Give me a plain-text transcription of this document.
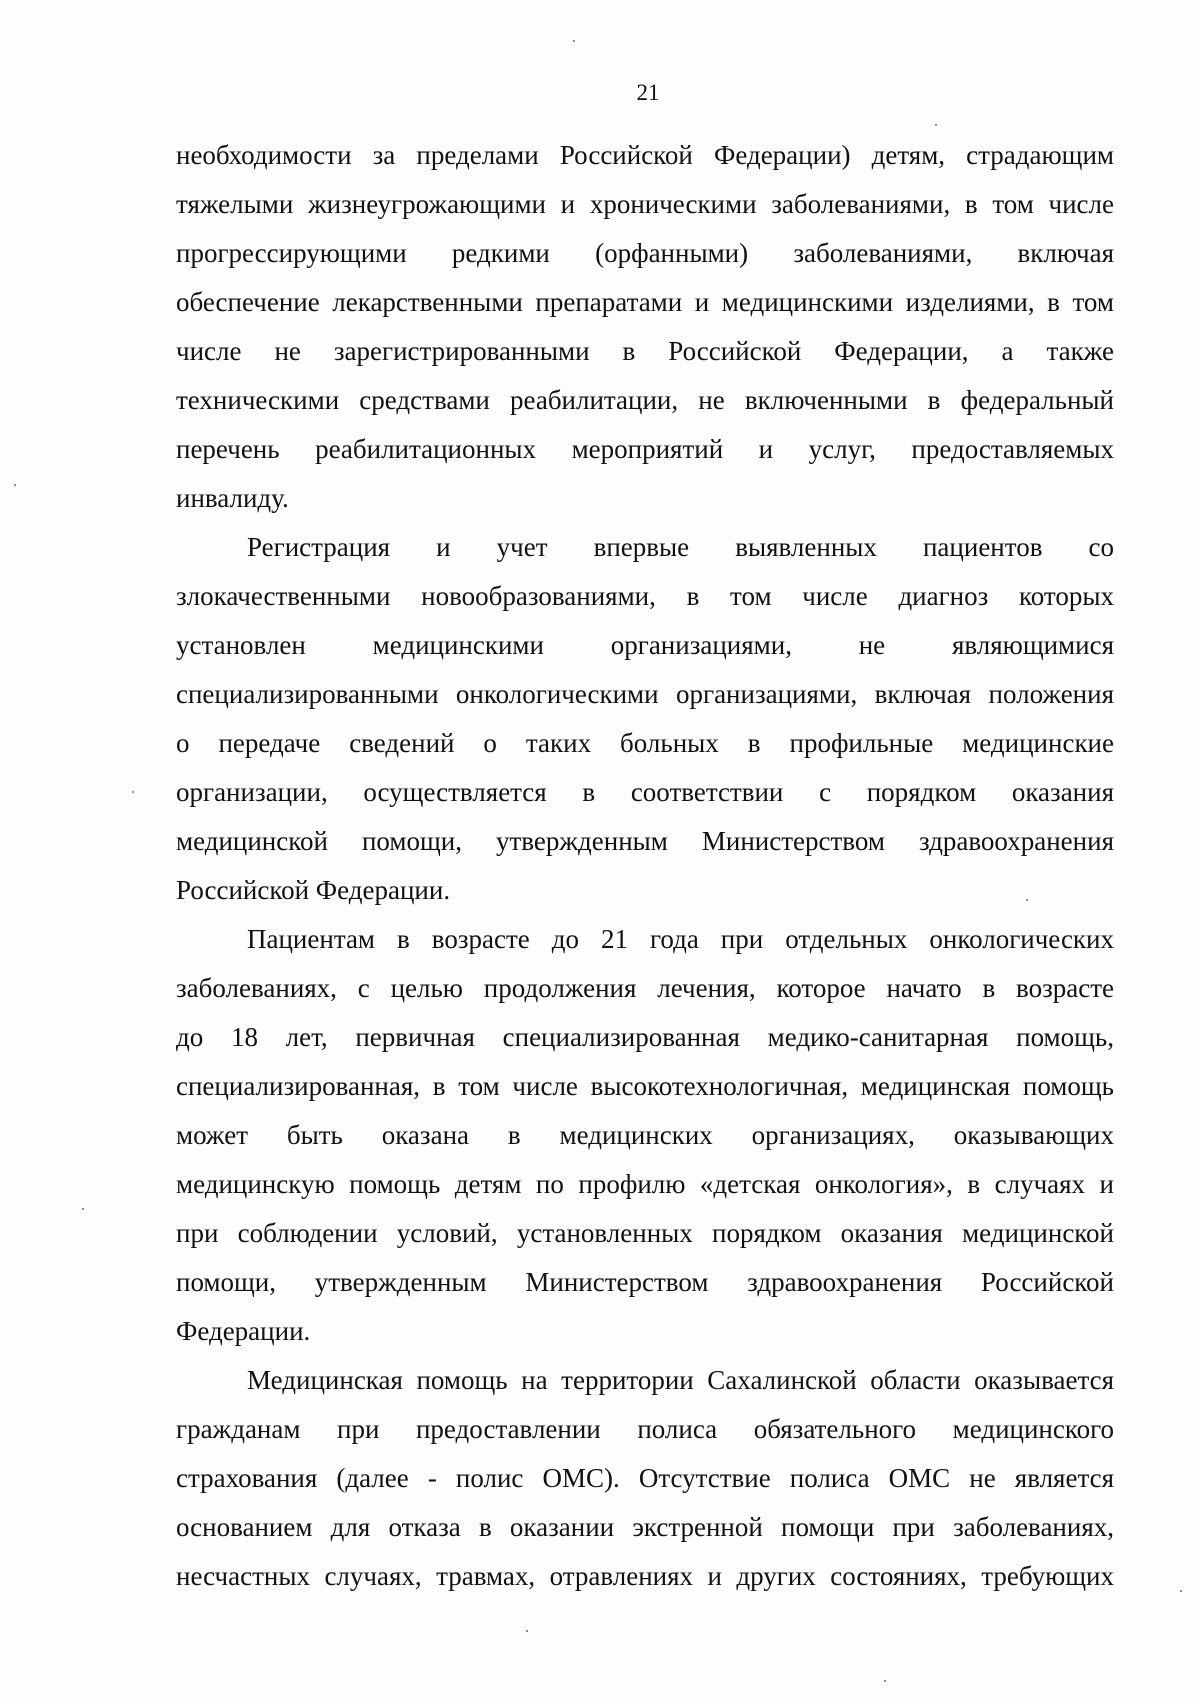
21
необходимости за пределами Российской Федерации) детям, страдающим
тяжелыми жизнеугрожающими и хроническими заболеваниями, в том числе
прогрессирующими редкими (орфанными) заболеваниями, включая
обеспечение лекарственными препаратами и медицинскими изделиями, в том
числе не зарегистрированными в Российской Федерации, а также
техническими средствами реабилитации, не включенными в федеральный
перечень реабилитационных мероприятий и услуг, предоставляемых
инвалиду.
Регистрация и учет впервые выявленных пациентов со
злокачественными новообразованиями, в том числе диагноз которых
установлен медицинскими организациями, не являющимися
специализированными онкологическими организациями, включая положения
о передаче сведений о таких больных в профильные медицинские
организации, осуществляется в соответствии с порядком оказания
медицинской помощи, утвержденным Министерством здравоохранения
Российской Федерации.
Пациентам в возрасте до 21 года при отдельных онкологических
заболеваниях, с целью продолжения лечения, которое начато в возрасте
до 18 лет, первичная специализированная медико-санитарная помощь,
специализированная, в том числе высокотехнологичная, медицинская помощь
может быть оказана в медицинских организациях, оказывающих
медицинскую помощь детям по профилю «детская онкология», в случаях и
при соблюдении условий, установленных порядком оказания медицинской
помощи, утвержденным Министерством здравоохранения Российской
Федерации.
Медицинская помощь на территории Сахалинской области оказывается
гражданам при предоставлении полиса обязательного медицинского
страхования (далее - полис ОМС). Отсутствие полиса ОМС не является
основанием для отказа в оказании экстренной помощи при заболеваниях,
несчастных случаях, травмах, отравлениях и других состояниях, требующих
